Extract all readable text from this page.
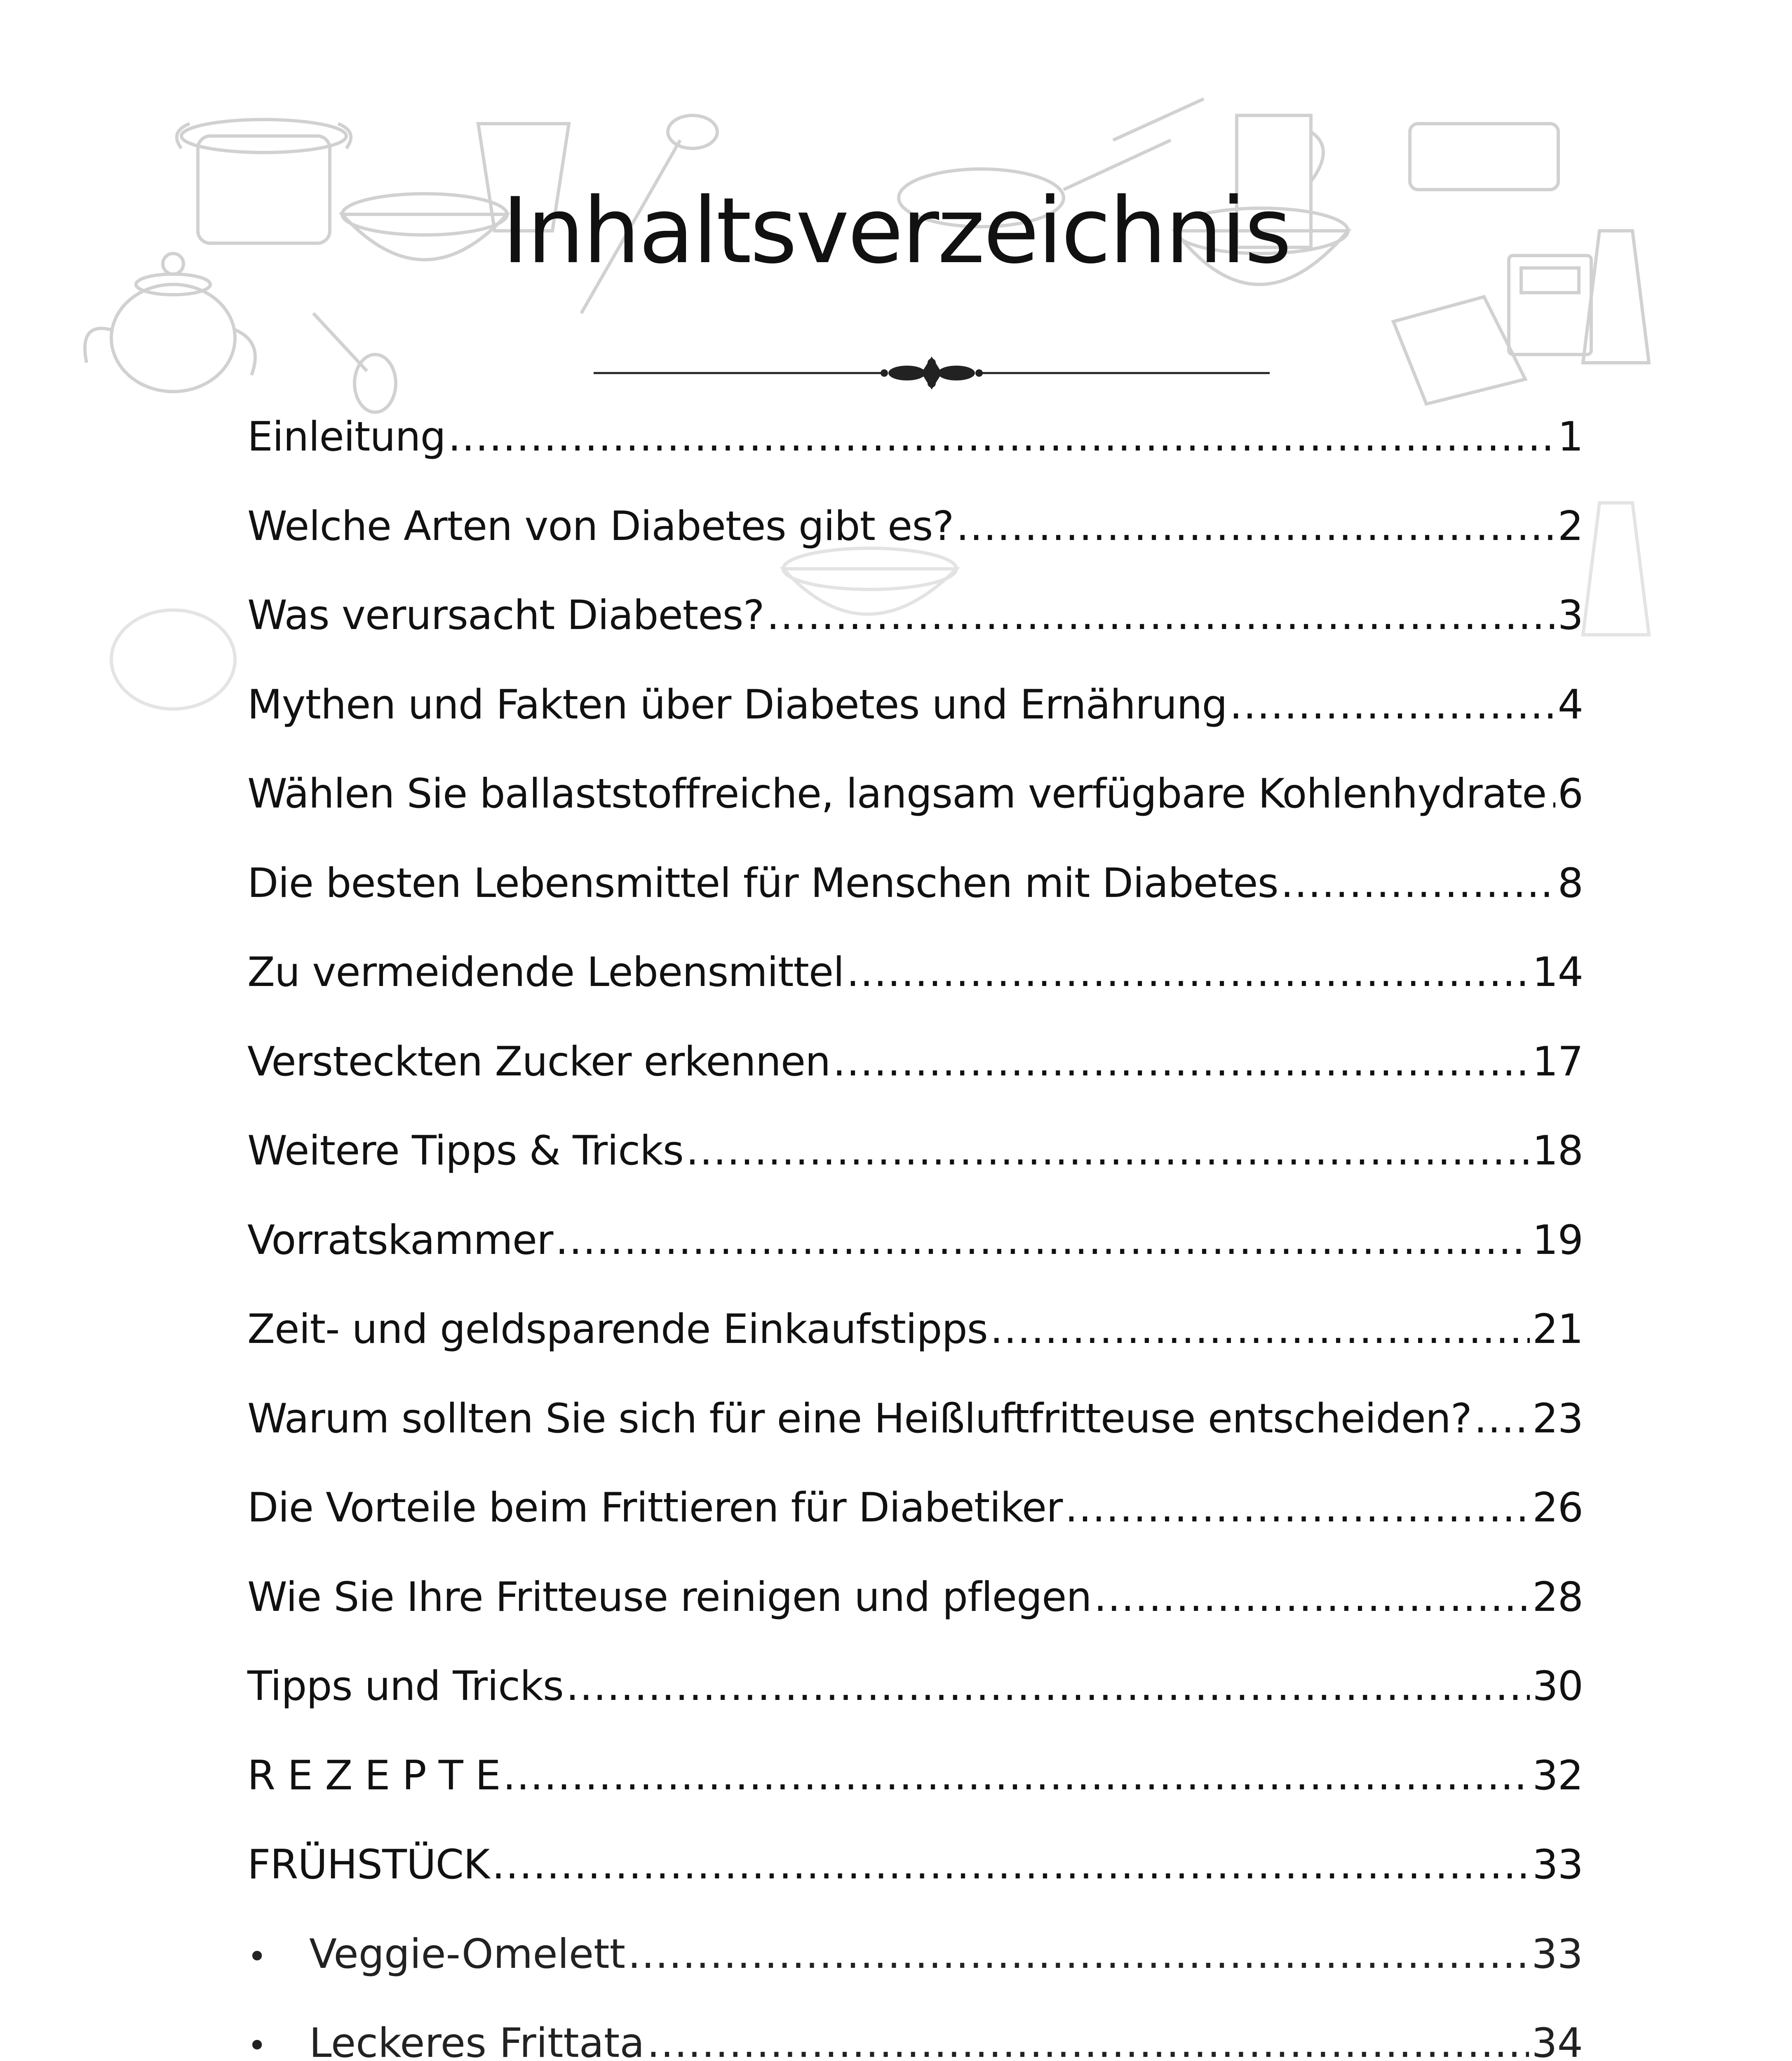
Inhaltsverzeichnis
Einleitung .....	1
Welche Arten von Diabetes gibt es? .....	2
Was verursacht Diabetes? .....	3
Mythen und Fakten über Diabetes und Ernährung .....	4
Wählen Sie ballaststoffreiche, langsam verfügbare Kohlenhydrate ..... 6
Die besten Lebensmittel für Menschen mit Diabetes .....	8
Zu vermeidende Lebensmittel .....	14
Versteckten Zucker erkennen .....	17
Weitere Tipps & Tricks .....	18
Vorratskammer .....	19
Zeit- und geldsparende Einkaufstipps .....	21
Warum sollten Sie sich für eine Heißluftfritteuse entscheiden? ..... 23
Die Vorteile beim Frittieren für Diabetiker .....	26
Wie Sie Ihre Fritteuse reinigen und pflegen .....	28
Tipps und Tricks .....	30
R E Z E P T E .....	32
FRÜHSTÜCK .....	33
•	Veggie-Omelett .....	33
•	Leckeres Frittata .....	34
